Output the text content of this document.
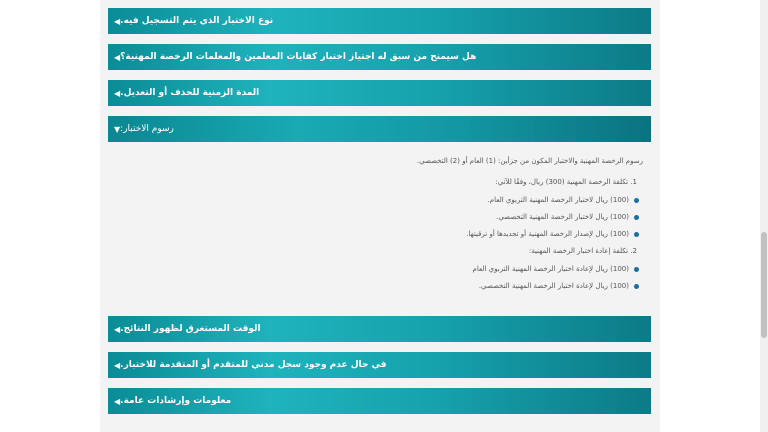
◀ نوع الاختبار الذي يتم التسجيل فيه.
◀ هل سيمنح من سبق له اجتياز اختبار كفايات المعلمين والمعلمات الرخصة المهنية؟
◀ المدة الزمنية للحذف أو التعديل.
▼ رسوم الاختبار:
رسوم الرخصة المهنية والاختبار المكون من جزأين: (1) العام أو (2) التخصصي.
1. تكلفة الرخصة المهنية (300) ريال، وفقًا للآتي:
(100) ريال لاختبار الرخصة المهنية التربوي العام.
(100) ريال لاختبار الرخصة المهنية التخصصي.
(100) ريال لإصدار الرخصة المهنية أو تجديدها أو ترقيتها.
2. تكلفة إعادة اختبار الرخصة المهنية:
(100) ريال لإعادة اختبار الرخصة المهنية التربوي العام
(100) ريال لإعادة اختبار الرخصة المهنية التخصصي.
◀ الوقت المستغرق لظهور النتائج.
◀ في حال عدم وجود سجل مدني للمتقدم أو المتقدمة للاختبار.
◀ معلومات وإرشادات عامة.
